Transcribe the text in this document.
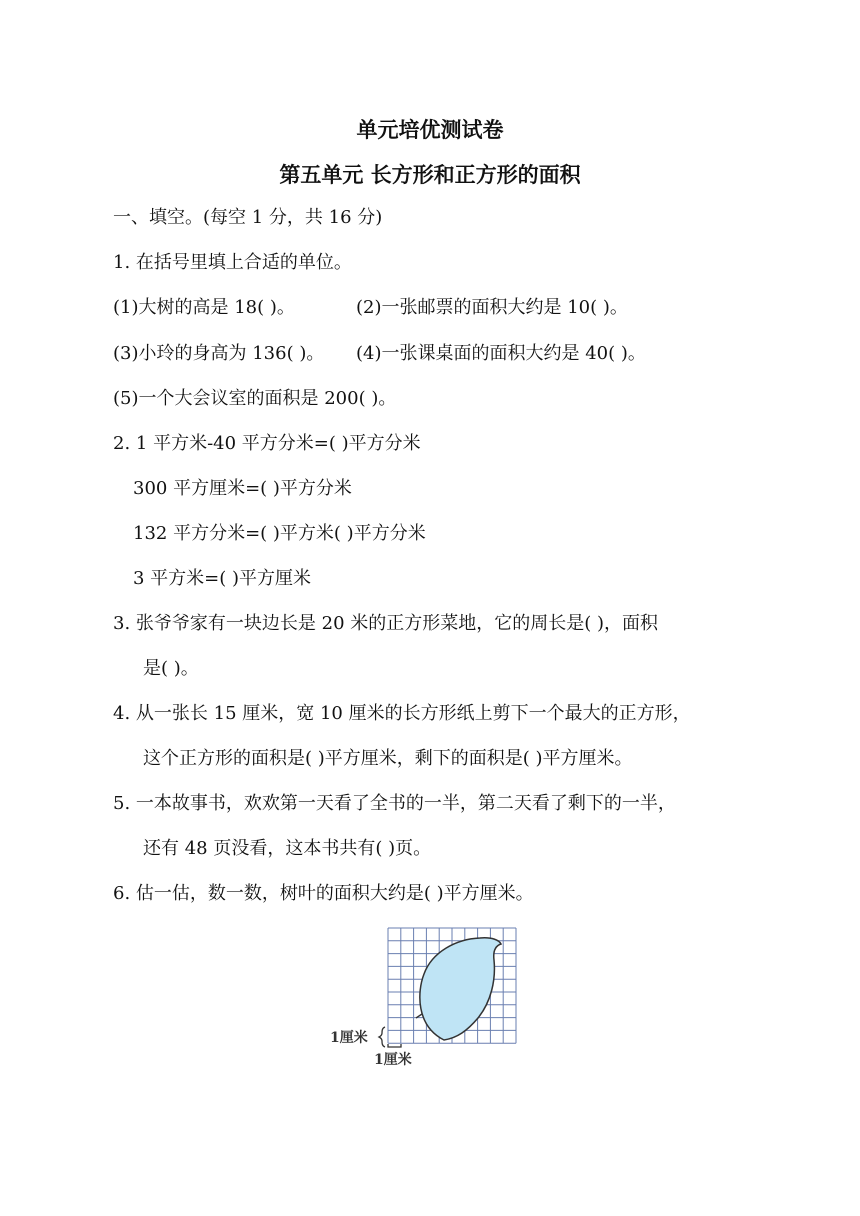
单元培优测试卷
第五单元 长方形和正方形的面积
一、填空。(每空 1 分，共 16 分)
1. 在括号里填上合适的单位。
(1)大树的高是 18( )。	(2)一张邮票的面积大约是 10( )。
(3)小玲的身高为 136( )。 (4)一张课桌面的面积大约是 40( )。
(5)一个大会议室的面积是 200( )。
2. 1 平方米-40 平方分米=( )平方分米
300 平方厘米=( )平方分米
132 平方分米=( )平方米( )平方分米
3 平方米=( )平方厘米
3. 张爷爷家有一块边长是 20 米的正方形菜地，它的周长是( )，面积
是( )。
4. 从一张长 15 厘米，宽 10 厘米的长方形纸上剪下一个最大的正方形，
这个正方形的面积是( )平方厘米，剩下的面积是( )平方厘米。
5. 一本故事书，欢欢第一天看了全书的一半，第二天看了剩下的一半，
还有 48 页没看，这本书共有( )页。
6. 估一估，数一数，树叶的面积大约是( )平方厘米。
1厘米
1厘米
